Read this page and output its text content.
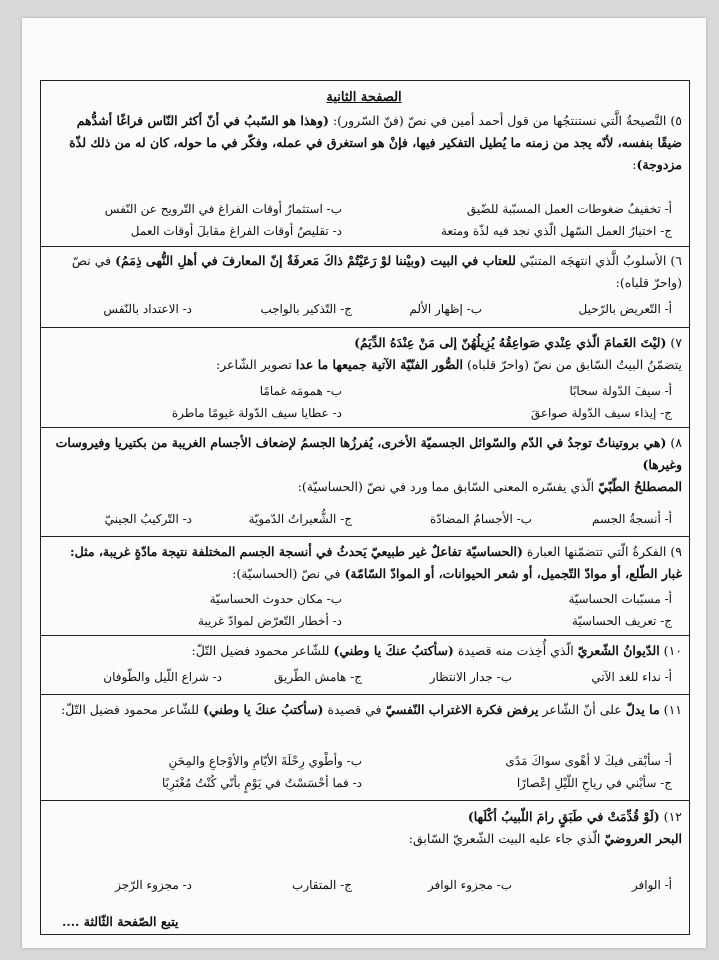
الصفحة الثانية
٥) النَّصيحةُ الَّتي نستنتجُها من قول أحمد أمين في نصّ (فنّ السّرور): (وهذا هو السّببُ في أنّ أكثر النّاس فراغًا أشدُّهم ضيقًا بنفسه، لأنّه يجد من زمنه ما يُطيل التفكير فيها، فإنْ هو استغرق في عمله، وفكّر في ما حوله، كان له من ذلك لذّة مزدوجة):
أ- تخفيفُ ضغوطات العمل المسبّبة للضّيق
ب- استثمارُ أوقات الفراغ في التّرويح عن النّفس
ج- اختيارُ العمل السّهل الّذي نجد فيه لذّة ومتعة
د- تقليصُ أوقات الفراغ مقابلَ أوقات العمل
٦) الأسلوبُ الَّذي انتهجَه المتنبّي للعتاب في البيت (وبيْننا لوْ رَعَيْتُمْ ذاكَ مَعرفَةٌ إنّ المعارفَ في أهلِ النُّهى ذِمَمُ) في نصّ (واحرّ قلباه):
أ- التّعريض بالرّحيل
ب- إظهار الألم
ج- التّذكير بالواجب
د- الاعتداد بالنّفس
٧) (ليْتَ الغَمامَ الّذي عِنْدي صَواعِقُهُ يُزِيلُهُنّ إلى مَنْ عِنْدَهُ الدِّيَمُ)
يتضمّنُ البيتُ السّابق من نصّ (واحرّ قلباه) الصُّور الفنّيّة الآتية جميعها ما عدا تصوير الشّاعر:
أ- سيفَ الدّولة سحابًا
ب- همومَه غمامًا
ج- إيذاء سيف الدّولة صواعقَ
د- عطايا سيف الدّولة غيومًا ماطرة
٨) (هي بروتيناتٌ توجدُ في الدّم والسّوائل الجسميّة الأخرى، يُفرزُها الجسمُ لإضعاف الأجسام الغريبة من بكتيريا وفيروسات وغيرها)
المصطلحُ الطّبّيّ الّذي يفسّره المعنى السّابق مما ورد في نصّ (الحساسيّة):
أ- أنسجةُ الجسم
ب- الأجسامُ المضادّة
ج- الشُّعيراتُ الدّمويّة
د- التّركيبُ الجينيّ
٩) الفكرةُ الّتي تتضمّنها العبارة (الحساسيّة تفاعلٌ غير طبيعيّ يَحدثُ في أنسجة الجسم المختلفة نتيجة مادّةٍ غريبة، مثل: غبار الطّلع، أو موادّ التّجميل، أو شعر الحيوانات، أو الموادّ السّامّة) في نصّ (الحساسيّة):
أ- مسبّبات الحساسيّة
ب- مكان حدوث الحساسيّة
ج- تعريف الحساسيّة
د- أخطار التّعرّض لموادّ غريبة
١٠) الدّيوانُ الشّعريّ الّذي أُخِذت منه قصيدة (سأكتبُ عنكَ يا وطني) للشّاعر محمود فضيل التّلّ:
أ- نداء للغد الآتي
ب- جدار الانتظار
ج- هامش الطّريق
د- شراع اللّيل والطّوفان
١١) ما يدلّ على أنّ الشّاعر يرفض فكرة الاغتراب النّفسيّ في قصيدة (سأكتبُ عنكَ يا وطني) للشّاعر محمود فضيل التّلّ:
أ- سأبْقى فيكَ لا أهْوى سواكَ مَدًى
ب- وأطْوي رِحْلَةَ الأيّامِ والأوْجاعِ والمِحَنِ
ج- سأبْني في رياحِ اللّيْلِ إعْصارًا
د- فما أحْسَسْتُ في يَوْمٍ بأنّي كُنْتُ مُغْتَرِبًا
١٢) (لَوْ قُدِّمَتْ في طَبَقٍ رامَ اللّبيبُ أكْلَها)
البحر العروضيّ الّذي جاء عليه البيت الشّعريّ السّابق:
أ- الوافر
ب- مجزوء الوافر
ج- المتقارب
د- مجزوء الرّجز
يتبع الصّفحة الثّالثة ....
